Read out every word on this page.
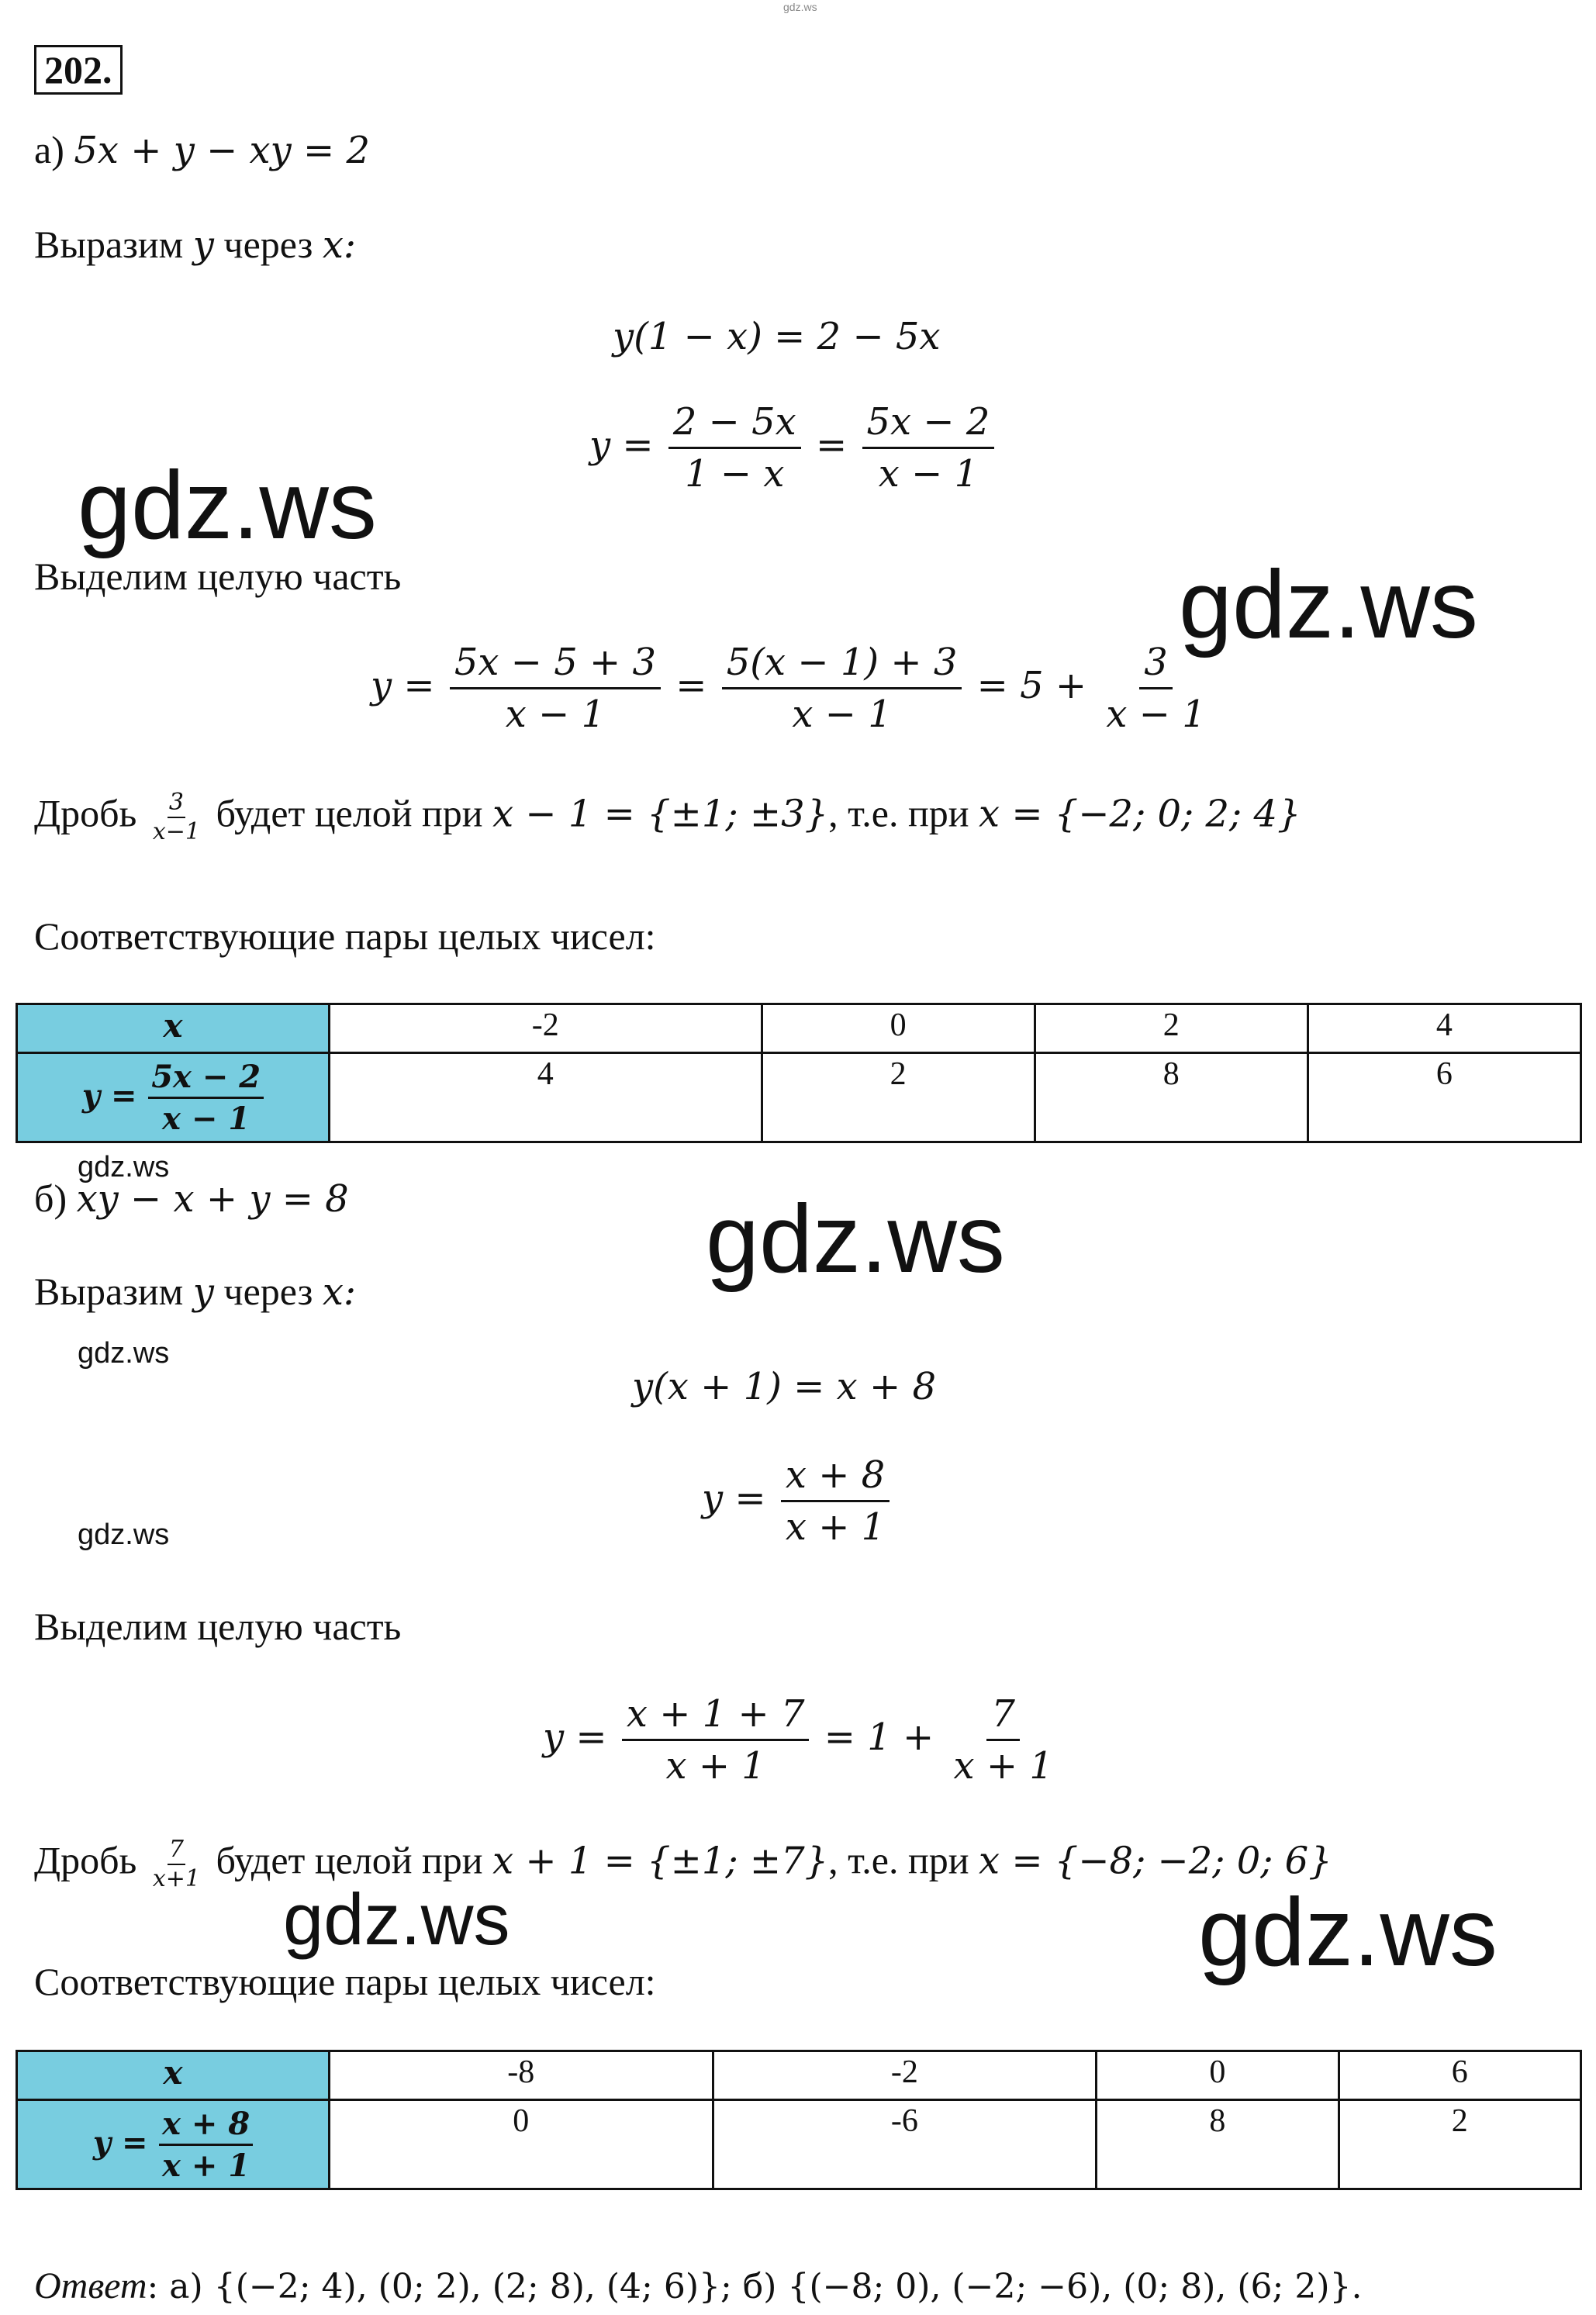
gdz.ws
202.
а) 5x + y − xy = 2
Выразим y через x:
y(1 − x) = 2 − 5x
$y = \frac{2 - 5x}{1 - x} = \frac{5x - 2}{x - 1}$
Выделим целую часть
$y = \frac{5x - 5 + 3}{x - 1} = \frac{5(x - 1) + 3}{x - 1} = 5 + \frac{3}{x - 1}$
Дробь $\frac{3}{x-1}$ будет целой при x − 1 = {±1; ±3}, т.е. при x = {−2; 0; 2; 4}
Соответствующие пары целых чисел:
x	-2	0	2	4
$y = \frac{5x - 2}{x - 1}$	4	2	8	6
б) xy − x + y = 8
Выразим y через x:
y(x + 1) = x + 8
$y = \frac{x + 8}{x + 1}$
Выделим целую часть
$y = \frac{x + 1 + 7}{x + 1} = 1 + \frac{7}{x + 1}$
Дробь $\frac{7}{x+1}$ будет целой при x + 1 = {±1; ±7}, т.е. при x = {−8; −2; 0; 6}
Соответствующие пары целых чисел:
x	-8	-2	0	6
$y = \frac{x + 8}{x + 1}$	0	-6	8	2
Ответ: а) {(−2; 4), (0; 2), (2; 8), (4; 6)}; б) {(−8; 0), (−2; −6), (0; 8), (6; 2)}.
gdz.ws
gdz.ws
gdz.ws
gdz.ws
gdz.ws
gdz.ws
gdz.ws	gdz.ws
